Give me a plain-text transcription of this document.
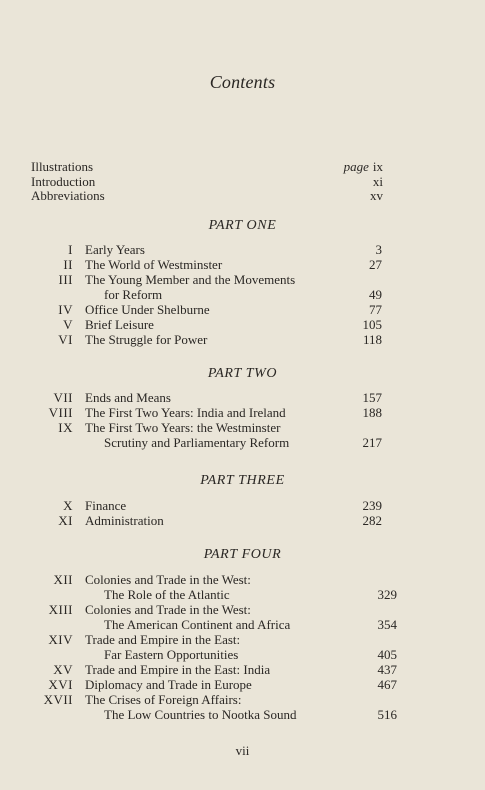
Contents
Illustrations	page ix
Introduction	xi
Abbreviations	xv
PART ONE
I Early Years	3
II The World of Westminster	27
III The Young Member and the Movements
for Reform	49
IV Office Under Shelburne	77
V Brief Leisure	105
VI The Struggle for Power	118
PART TWO
VII Ends and Means	157
VIII The First Two Years: India and Ireland	188
IX The First Two Years: the Westminster
Scrutiny and Parliamentary Reform	217
PART THREE
X Finance	239
XI Administration	282
PART FOUR
XII Colonies and Trade in the West:
The Role of the Atlantic	329
XIII Colonies and Trade in the West:
The American Continent and Africa	354
XIV Trade and Empire in the East:
Far Eastern Opportunities	405
XV Trade and Empire in the East: India	437
XVI Diplomacy and Trade in Europe	467
XVII The Crises of Foreign Affairs:
The Low Countries to Nootka Sound	516
vii
